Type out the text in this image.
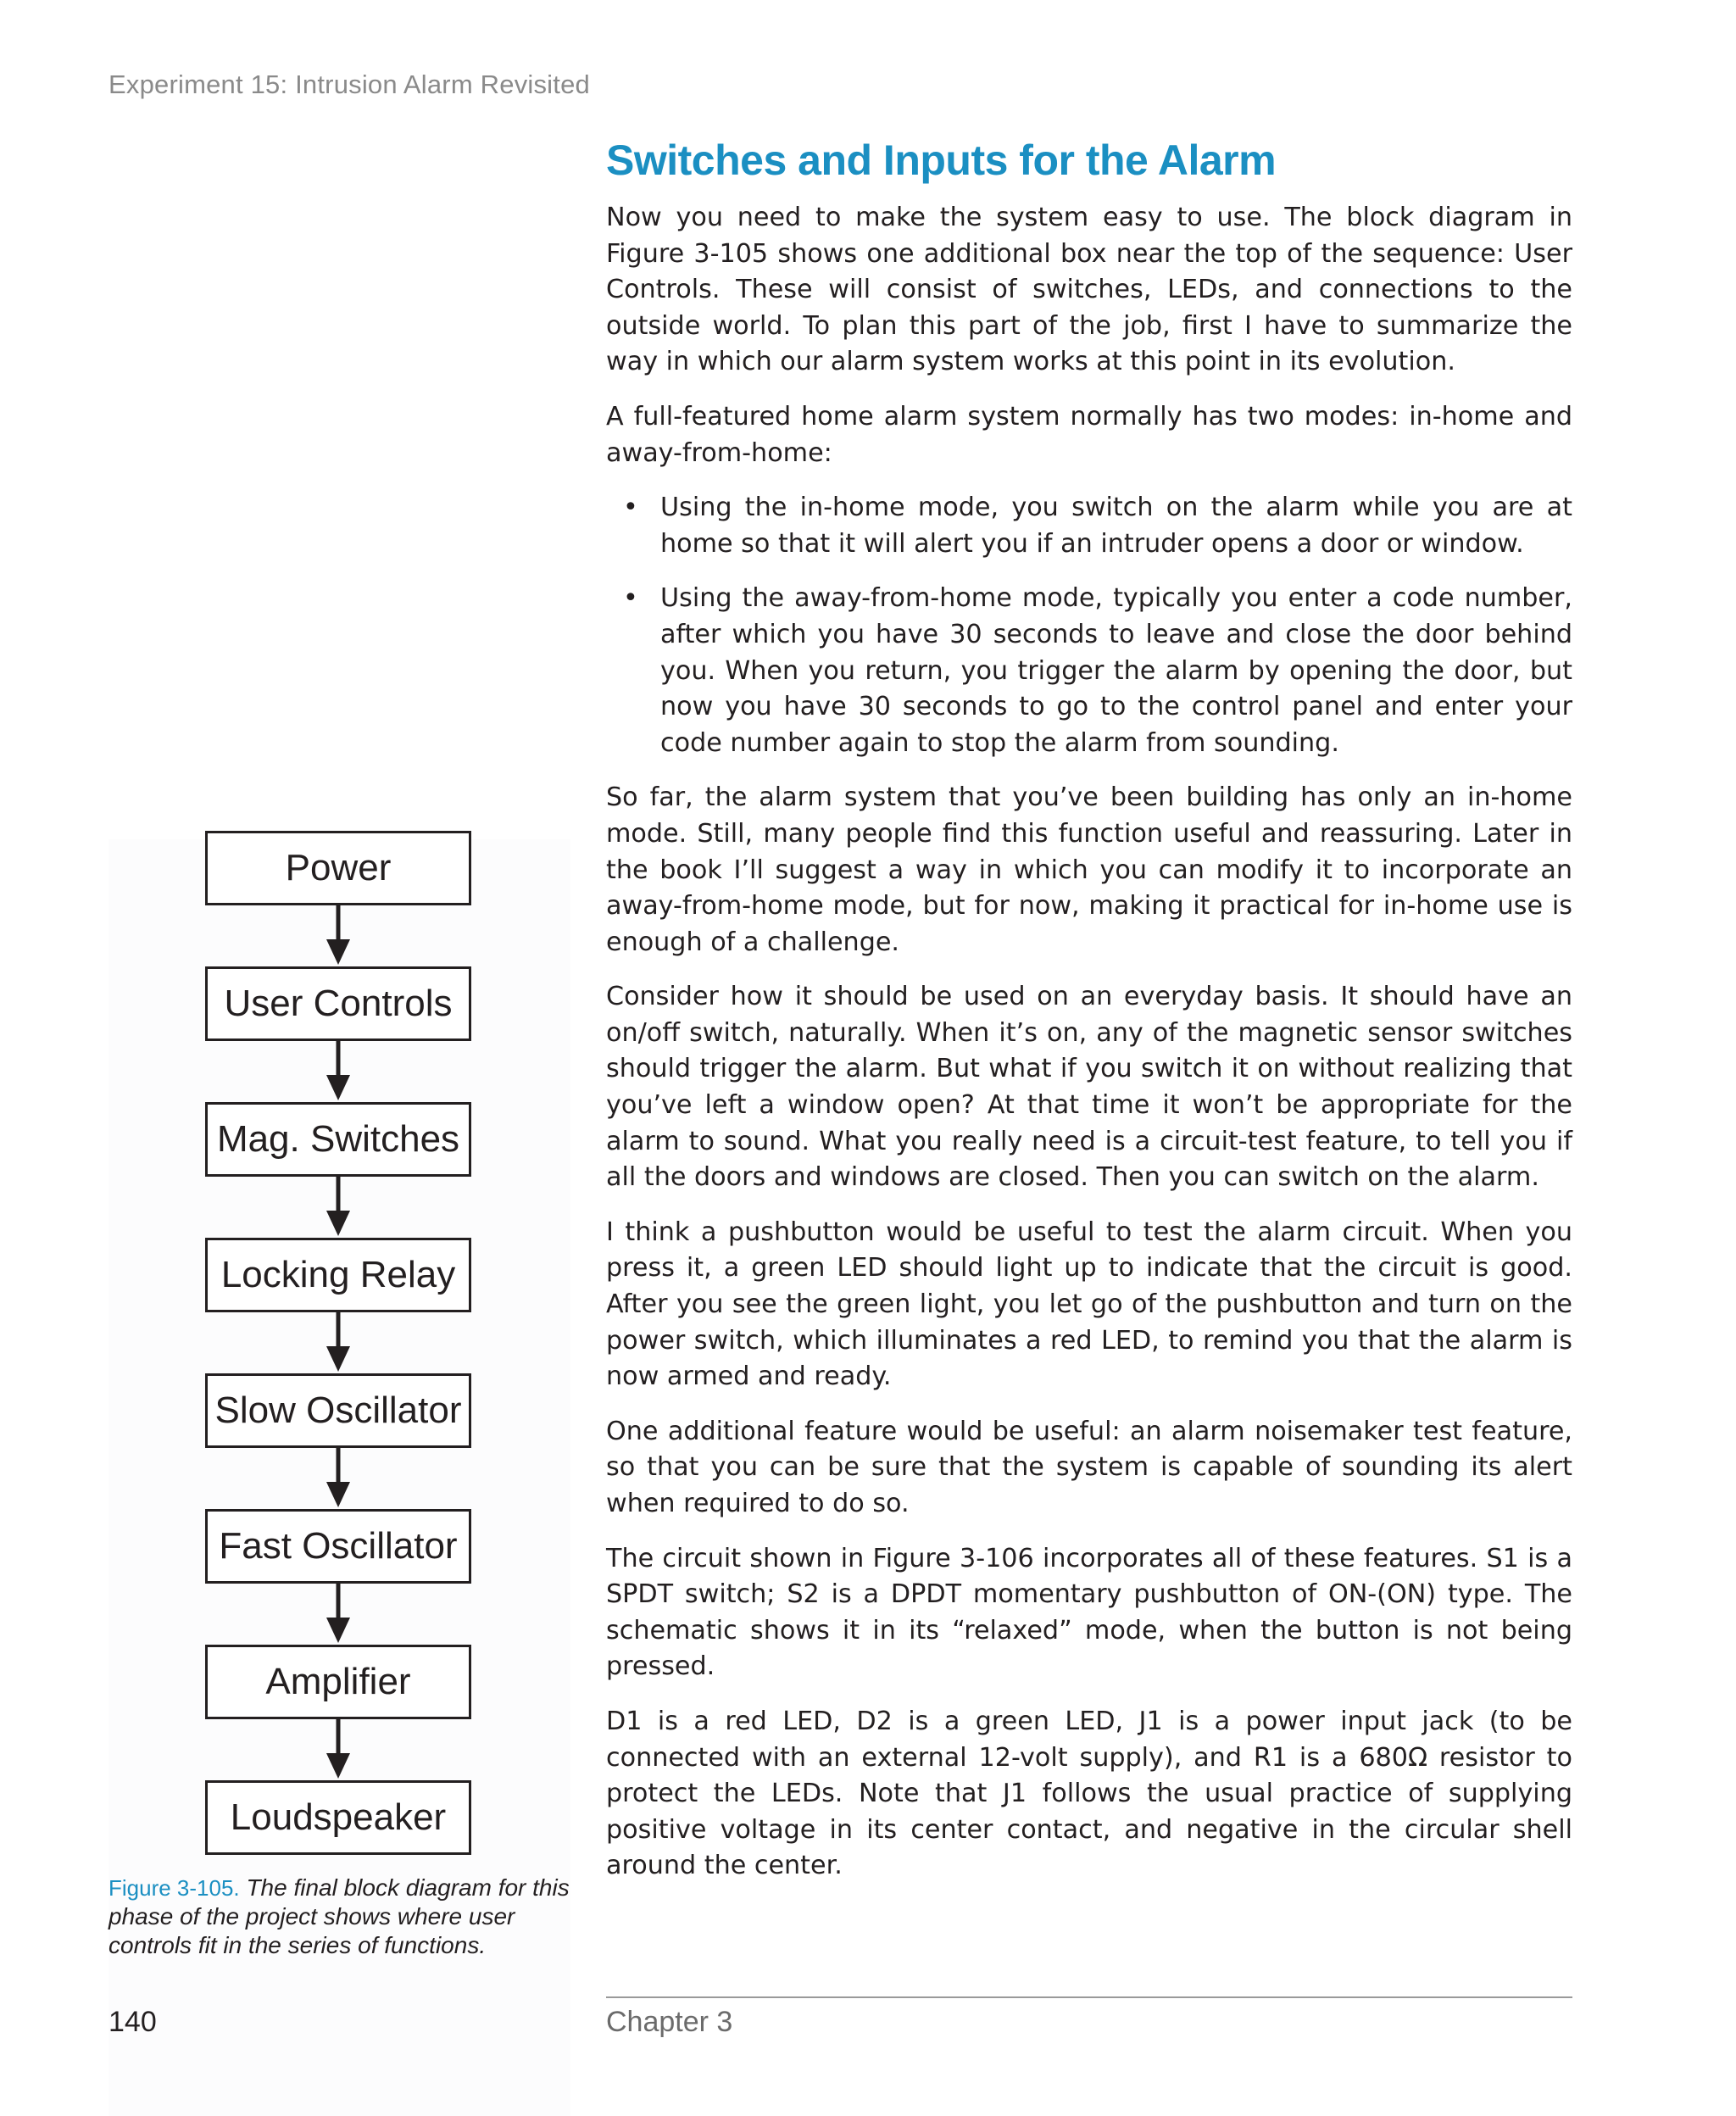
Experiment 15: Intrusion Alarm Revisited
Switches and Inputs for the Alarm

Now you need to make the system easy to use. The block diagram in Figure 3-105 shows one additional box near the top of the sequence: User Controls. These will consist of switches, LEDs, and connections to the outside world. To plan this part of the job, first I have to summarize the way in which our alarm system works at this point in its evolution.

A full-featured home alarm system normally has two modes: in-home and away-from-home:

• Using the in-home mode, you switch on the alarm while you are at home so that it will alert you if an intruder opens a door or window.
• Using the away-from-home mode, typically you enter a code number, after which you have 30 seconds to leave and close the door behind you. When you return, you trigger the alarm by opening the door, but now you have 30 seconds to go to the control panel and enter your code number again to stop the alarm from sounding.

So far, the alarm system that you’ve been building has only an in-home mode. Still, many people find this function useful and reassuring. Later in the book I’ll suggest a way in which you can modify it to incorporate an away-from-home mode, but for now, making it practical for in-home use is enough of a challenge.

Consider how it should be used on an everyday basis. It should have an on/off switch, naturally. When it’s on, any of the magnetic sensor switches should trigger the alarm. But what if you switch it on without realizing that you’ve left a window open? At that time it won’t be appropriate for the alarm to sound. What you really need is a circuit-test feature, to tell you if all the doors and windows are closed. Then you can switch on the alarm.

I think a pushbutton would be useful to test the alarm circuit. When you press it, a green LED should light up to indicate that the circuit is good. After you see the green light, you let go of the pushbutton and turn on the power switch, which illuminates a red LED, to remind you that the alarm is now armed and ready.

One additional feature would be useful: an alarm noisemaker test feature, so that you can be sure that the system is capable of sounding its alert when required to do so.

The circuit shown in Figure 3-106 incorporates all of these features. S1 is a SPDT switch; S2 is a DPDT momentary pushbutton of ON-(ON) type. The schematic shows it in its “relaxed” mode, when the button is not being pressed.

D1 is a red LED, D2 is a green LED, J1 is a power input jack (to be connected with an external 12-volt supply), and R1 is a 680Ω resistor to protect the LEDs. Note that J1 follows the usual practice of supplying positive voltage in its center contact, and negative in the circular shell around the center.

Power
User Controls
Mag. Switches
Locking Relay
Slow Oscillator
Fast Oscillator
Amplifier
Loudspeaker
Figure 3-105. The final block diagram for this phase of the project shows where user controls fit in the series of functions.
140	Chapter 3
